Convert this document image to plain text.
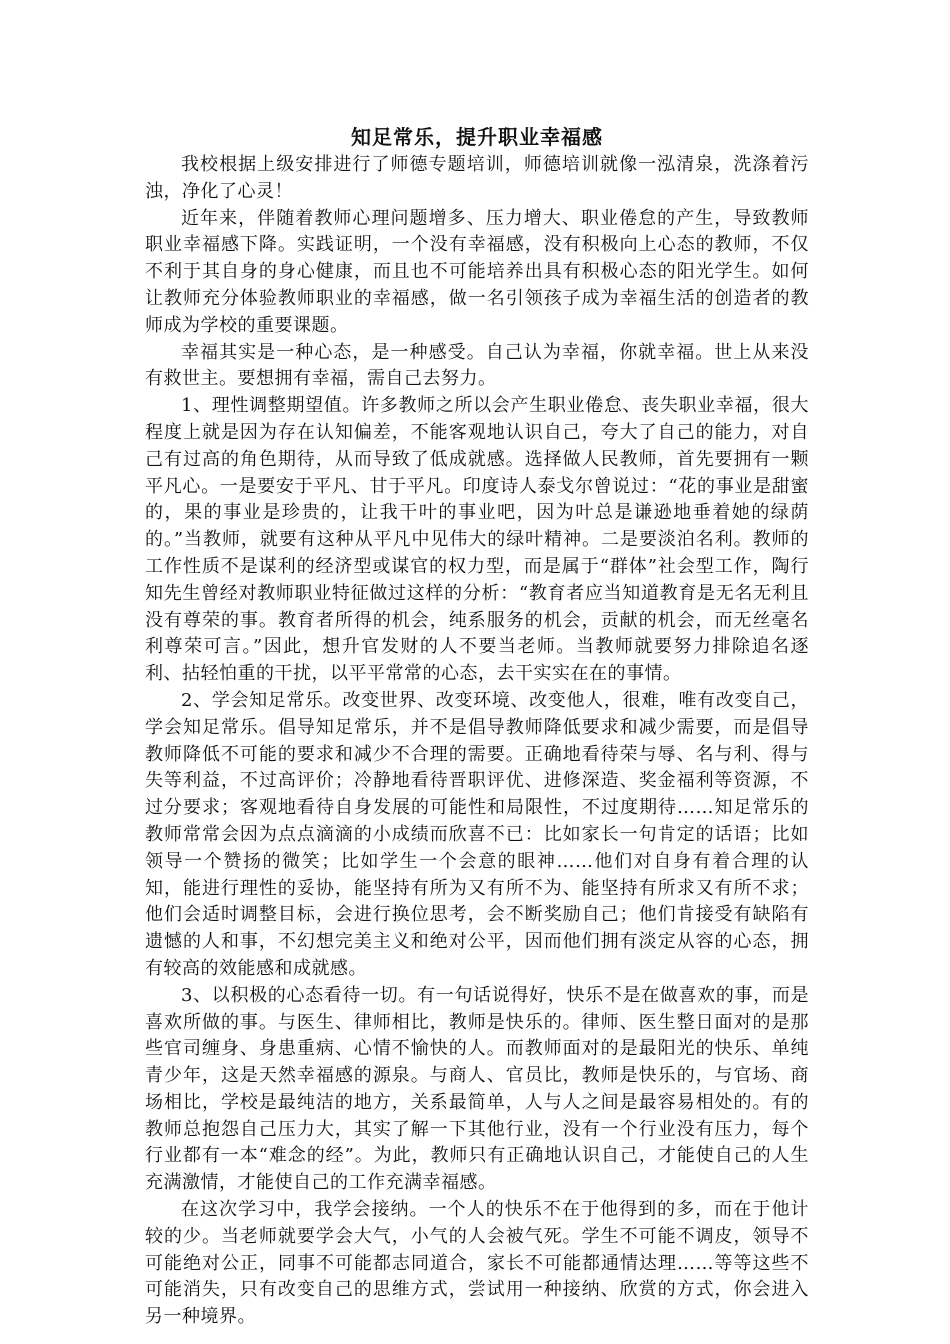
知足常乐，提升职业幸福感

我校根据上级安排进行了师德专题培训，师德培训就像一泓清泉，洗涤着污浊，净化了心灵！

近年来，伴随着教师心理问题增多、压力增大、职业倦怠的产生，导致教师职业幸福感下降。实践证明，一个没有幸福感，没有积极向上心态的教师，不仅不利于其自身的身心健康，而且也不可能培养出具有积极心态的阳光学生。如何让教师充分体验教师职业的幸福感，做一名引领孩子成为幸福生活的创造者的教师成为学校的重要课题。

幸福其实是一种心态，是一种感受。自己认为幸福，你就幸福。世上从来没有救世主。要想拥有幸福，需自己去努力。

1、理性调整期望值。许多教师之所以会产生职业倦怠、丧失职业幸福，很大程度上就是因为存在认知偏差，不能客观地认识自己，夸大了自己的能力，对自己有过高的角色期待，从而导致了低成就感。选择做人民教师，首先要拥有一颗平凡心。一是要安于平凡、甘于平凡。印度诗人泰戈尔曾说过：“花的事业是甜蜜的，果的事业是珍贵的，让我干叶的事业吧，因为叶总是谦逊地垂着她的绿荫的。”当教师，就要有这种从平凡中见伟大的绿叶精神。二是要淡泊名利。教师的工作性质不是谋利的经济型或谋官的权力型，而是属于“群体”社会型工作，陶行知先生曾经对教师职业特征做过这样的分析：“教育者应当知道教育是无名无利且没有尊荣的事。教育者所得的机会，纯系服务的机会，贡献的机会，而无丝毫名利尊荣可言。”因此，想升官发财的人不要当老师。当教师就要努力排除追名逐利、拈轻怕重的干扰，以平平常常的心态，去干实实在在的事情。

2、学会知足常乐。改变世界、改变环境、改变他人，很难，唯有改变自己，学会知足常乐。倡导知足常乐，并不是倡导教师降低要求和减少需要，而是倡导教师降低不可能的要求和减少不合理的需要。正确地看待荣与辱、名与利、得与失等利益，不过高评价；冷静地看待晋职评优、进修深造、奖金福利等资源，不过分要求；客观地看待自身发展的可能性和局限性，不过度期待……知足常乐的教师常常会因为点点滴滴的小成绩而欣喜不已：比如家长一句肯定的话语；比如领导一个赞扬的微笑；比如学生一个会意的眼神……他们对自身有着合理的认知，能进行理性的妥协，能坚持有所为又有所不为、能坚持有所求又有所不求；他们会适时调整目标，会进行换位思考，会不断奖励自己；他们肯接受有缺陷有遗憾的人和事，不幻想完美主义和绝对公平，因而他们拥有淡定从容的心态，拥有较高的效能感和成就感。

3、以积极的心态看待一切。有一句话说得好，快乐不是在做喜欢的事，而是喜欢所做的事。与医生、律师相比，教师是快乐的。律师、医生整日面对的是那些官司缠身、身患重病、心情不愉快的人。而教师面对的是最阳光的快乐、单纯青少年，这是天然幸福感的源泉。与商人、官员比，教师是快乐的，与官场、商场相比，学校是最纯洁的地方，关系最简单，人与人之间是最容易相处的。有的教师总抱怨自己压力大，其实了解一下其他行业，没有一个行业没有压力，每个行业都有一本“难念的经”。为此，教师只有正确地认识自己，才能使自己的人生充满激情，才能使自己的工作充满幸福感。

在这次学习中，我学会接纳。一个人的快乐不在于他得到的多，而在于他计较的少。当老师就要学会大气，小气的人会被气死。学生不可能不调皮，领导不可能绝对公正，同事不可能都志同道合，家长不可能都通情达理……等等这些不可能消失，只有改变自己的思维方式，尝试用一种接纳、欣赏的方式，你会进入另一种境界。
